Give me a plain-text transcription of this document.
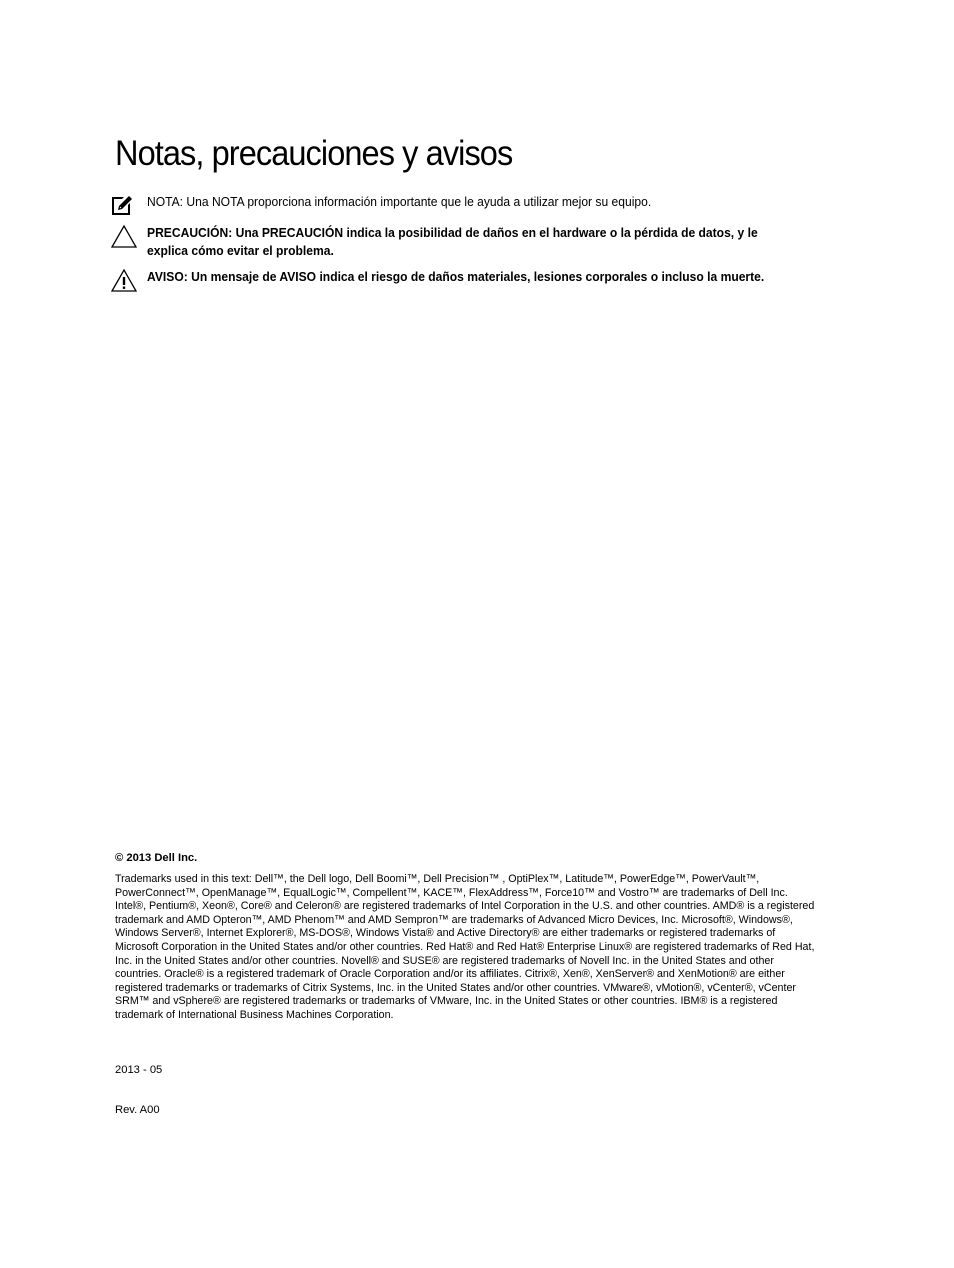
Notas, precauciones y avisos
NOTA: Una NOTA proporciona información importante que le ayuda a utilizar mejor su equipo.
PRECAUCIÓN: Una PRECAUCIÓN indica la posibilidad de daños en el hardware o la pérdida de datos, y le explica cómo evitar el problema.
AVISO: Un mensaje de AVISO indica el riesgo de daños materiales, lesiones corporales o incluso la muerte.
© 2013 Dell Inc.
Trademarks used in this text: Dell™, the Dell logo, Dell Boomi™, Dell Precision™ , OptiPlex™, Latitude™, PowerEdge™, PowerVault™, PowerConnect™, OpenManage™, EqualLogic™, Compellent™, KACE™, FlexAddress™, Force10™ and Vostro™ are trademarks of Dell Inc. Intel®, Pentium®, Xeon®, Core® and Celeron® are registered trademarks of Intel Corporation in the U.S. and other countries. AMD® is a registered trademark and AMD Opteron™, AMD Phenom™ and AMD Sempron™ are trademarks of Advanced Micro Devices, Inc. Microsoft®, Windows®, Windows Server®, Internet Explorer®, MS-DOS®, Windows Vista® and Active Directory® are either trademarks or registered trademarks of Microsoft Corporation in the United States and/or other countries. Red Hat® and Red Hat® Enterprise Linux® are registered trademarks of Red Hat, Inc. in the United States and/or other countries. Novell® and SUSE® are registered trademarks of Novell Inc. in the United States and other countries. Oracle® is a registered trademark of Oracle Corporation and/or its affiliates. Citrix®, Xen®, XenServer® and XenMotion® are either registered trademarks or trademarks of Citrix Systems, Inc. in the United States and/or other countries. VMware®, vMotion®, vCenter®, vCenter SRM™ and vSphere® are registered trademarks or trademarks of VMware, Inc. in the United States or other countries. IBM® is a registered trademark of International Business Machines Corporation.
2013 - 05
Rev. A00
